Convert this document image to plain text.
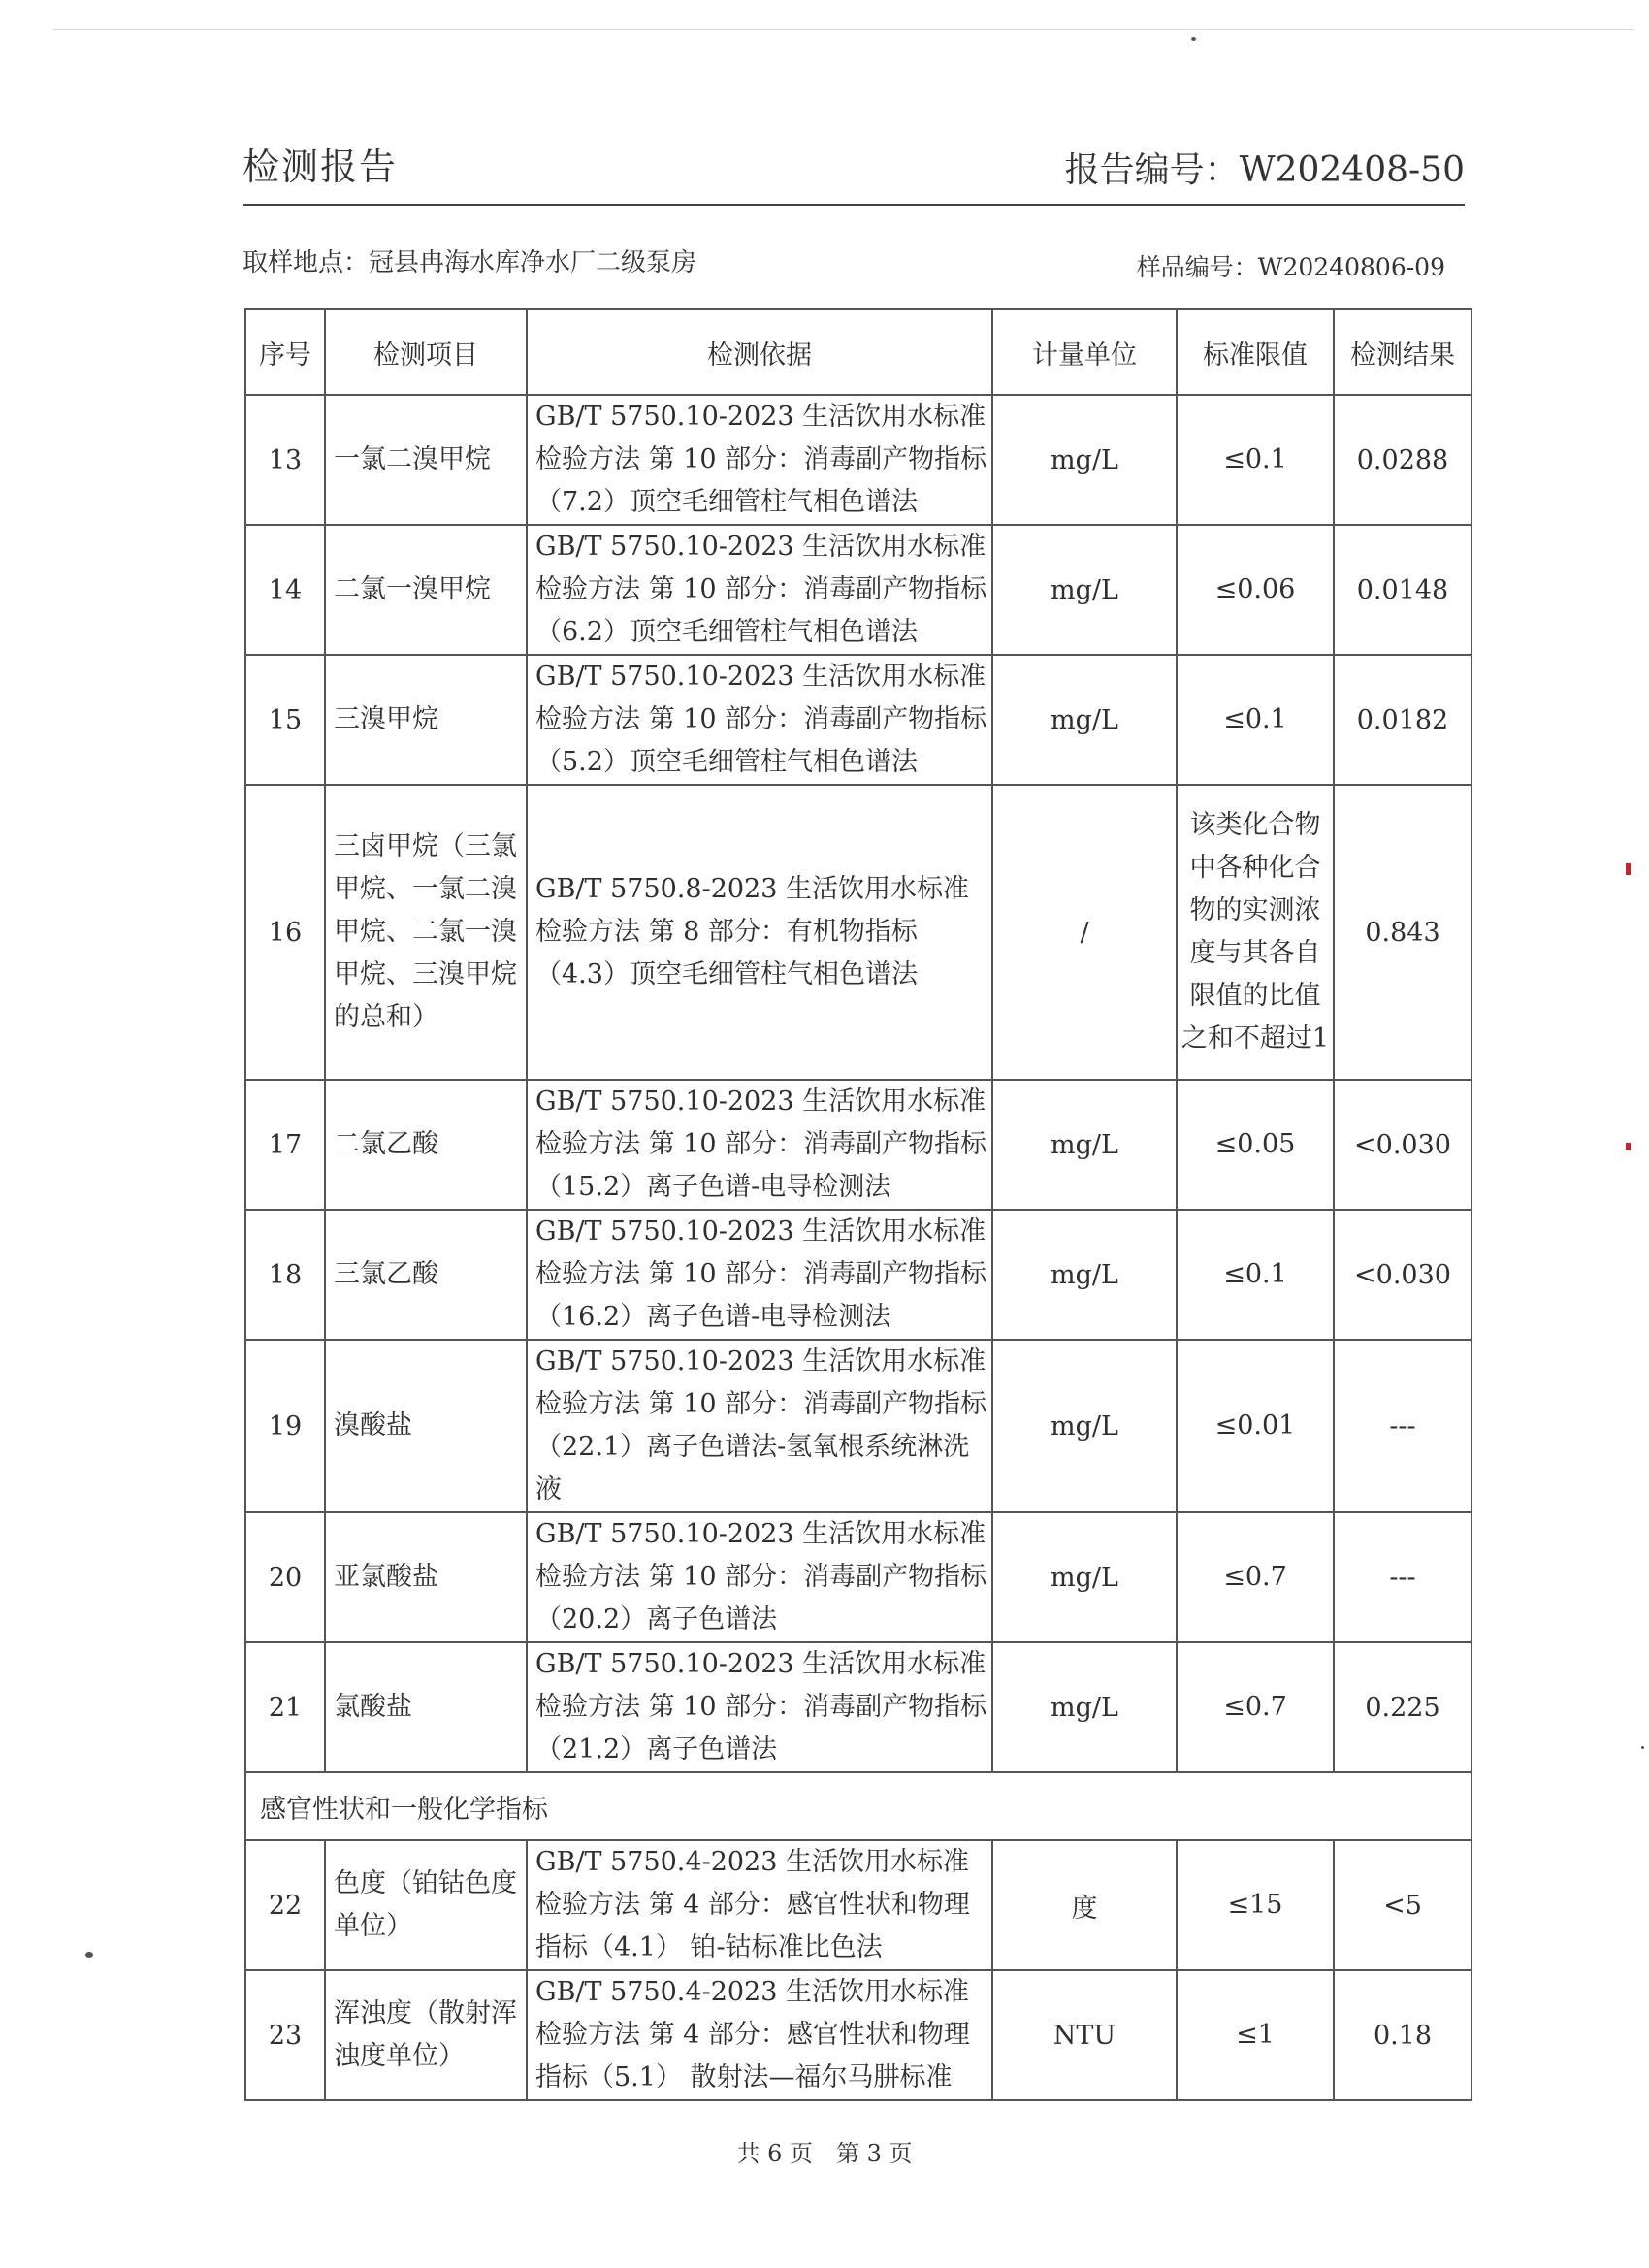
检测报告	报告编号：W202408-50
取样地点：冠县冉海水库净水厂二级泵房	样品编号：W20240806-09
序号	检测项目	检测依据	计量单位	标准限值	检测结果
13	一氯二溴甲烷	GB/T 5750.10-2023 生活饮用水标准检验方法 第 10 部分：消毒副产物指标（7.2）顶空毛细管柱气相色谱法	mg/L	≤0.1	0.0288
14	二氯一溴甲烷	GB/T 5750.10-2023 生活饮用水标准检验方法 第 10 部分：消毒副产物指标（6.2）顶空毛细管柱气相色谱法	mg/L	≤0.06	0.0148
15	三溴甲烷	GB/T 5750.10-2023 生活饮用水标准检验方法 第 10 部分：消毒副产物指标（5.2）顶空毛细管柱气相色谱法	mg/L	≤0.1	0.0182
16	三卤甲烷（三氯甲烷、一氯二溴甲烷、二氯一溴甲烷、三溴甲烷的总和）	GB/T 5750.8-2023 生活饮用水标准检验方法 第 8 部分：有机物指标（4.3）顶空毛细管柱气相色谱法	/	该类化合物中各种化合物的实测浓度与其各自限值的比值之和不超过1	0.843
17	二氯乙酸	GB/T 5750.10-2023 生活饮用水标准检验方法 第 10 部分：消毒副产物指标（15.2）离子色谱-电导检测法	mg/L	≤0.05	<0.030
18	三氯乙酸	GB/T 5750.10-2023 生活饮用水标准检验方法 第 10 部分：消毒副产物指标（16.2）离子色谱-电导检测法	mg/L	≤0.1	<0.030
19	溴酸盐	GB/T 5750.10-2023 生活饮用水标准检验方法 第 10 部分：消毒副产物指标（22.1）离子色谱法-氢氧根系统淋洗液	mg/L	≤0.01	---
20	亚氯酸盐	GB/T 5750.10-2023 生活饮用水标准检验方法 第 10 部分：消毒副产物指标（20.2）离子色谱法	mg/L	≤0.7	---
21	氯酸盐	GB/T 5750.10-2023 生活饮用水标准检验方法 第 10 部分：消毒副产物指标（21.2）离子色谱法	mg/L	≤0.7	0.225
感官性状和一般化学指标					
22	色度（铂钴色度单位）	GB/T 5750.4-2023 生活饮用水标准检验方法 第 4 部分：感官性状和物理指标（4.1） 铂-钴标准比色法	度	≤15	<5
23	浑浊度（散射浑浊度单位）	GB/T 5750.4-2023 生活饮用水标准检验方法 第 4 部分：感官性状和物理指标（5.1） 散射法—福尔马肼标准	NTU	≤1	0.18
共 6 页　第 3 页
